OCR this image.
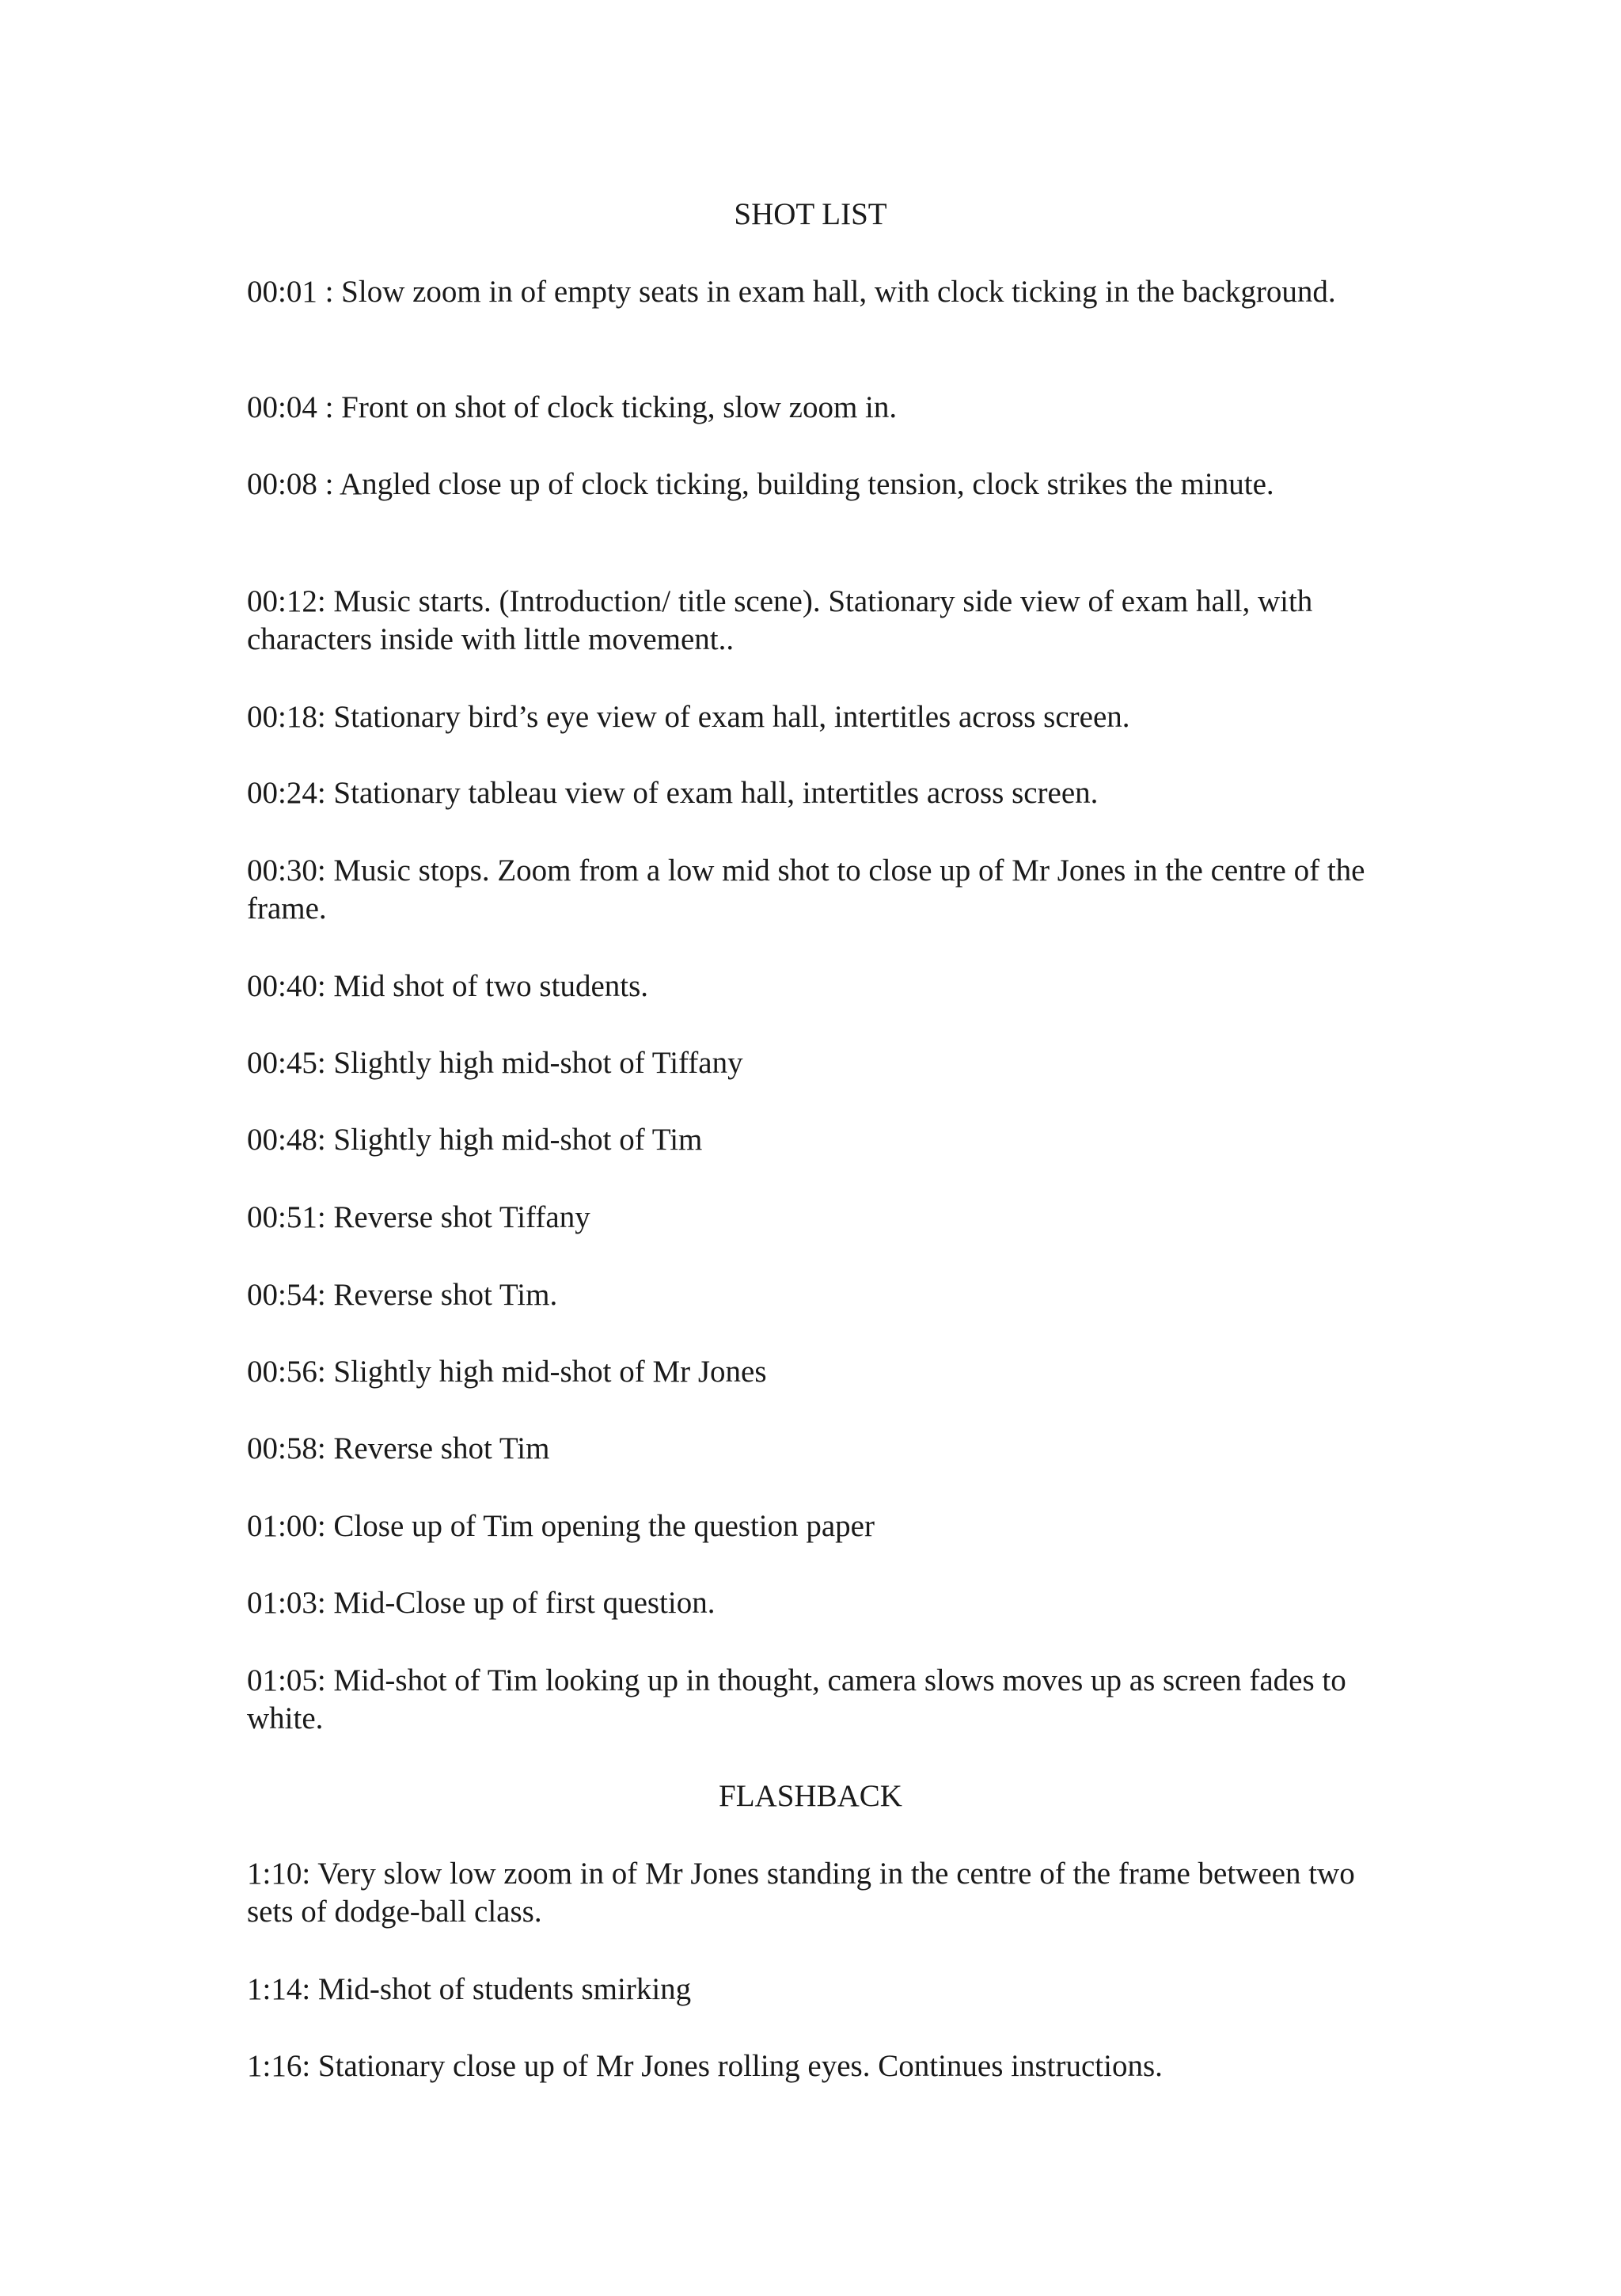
SHOT LIST

00:01 : Slow zoom in of empty seats in exam hall, with clock ticking in the background.

00:04 : Front on shot of clock ticking, slow zoom in.

00:08 : Angled close up of clock ticking, building tension, clock strikes the minute.

00:12: Music starts. (Introduction/ title scene). Stationary side view of exam hall, with characters inside with little movement..

00:18: Stationary bird’s eye view of exam hall, intertitles across screen.

00:24: Stationary tableau view of exam hall, intertitles across screen.

00:30: Music stops. Zoom from a low mid shot to close up of Mr Jones in the centre of the frame.

00:40: Mid shot of two students.

00:45: Slightly high mid-shot of Tiffany

00:48: Slightly high mid-shot of Tim

00:51: Reverse shot Tiffany

00:54: Reverse shot Tim.

00:56: Slightly high mid-shot of Mr Jones

00:58: Reverse shot Tim

01:00: Close up of Tim opening the question paper

01:03: Mid-Close up of first question.

01:05: Mid-shot of Tim looking up in thought, camera slows moves up as screen fades to white.

FLASHBACK

1:10: Very slow low zoom in of Mr Jones standing in the centre of the frame between two sets of dodge-ball class.

1:14: Mid-shot of students smirking

1:16: Stationary close up of Mr Jones rolling eyes. Continues instructions.
